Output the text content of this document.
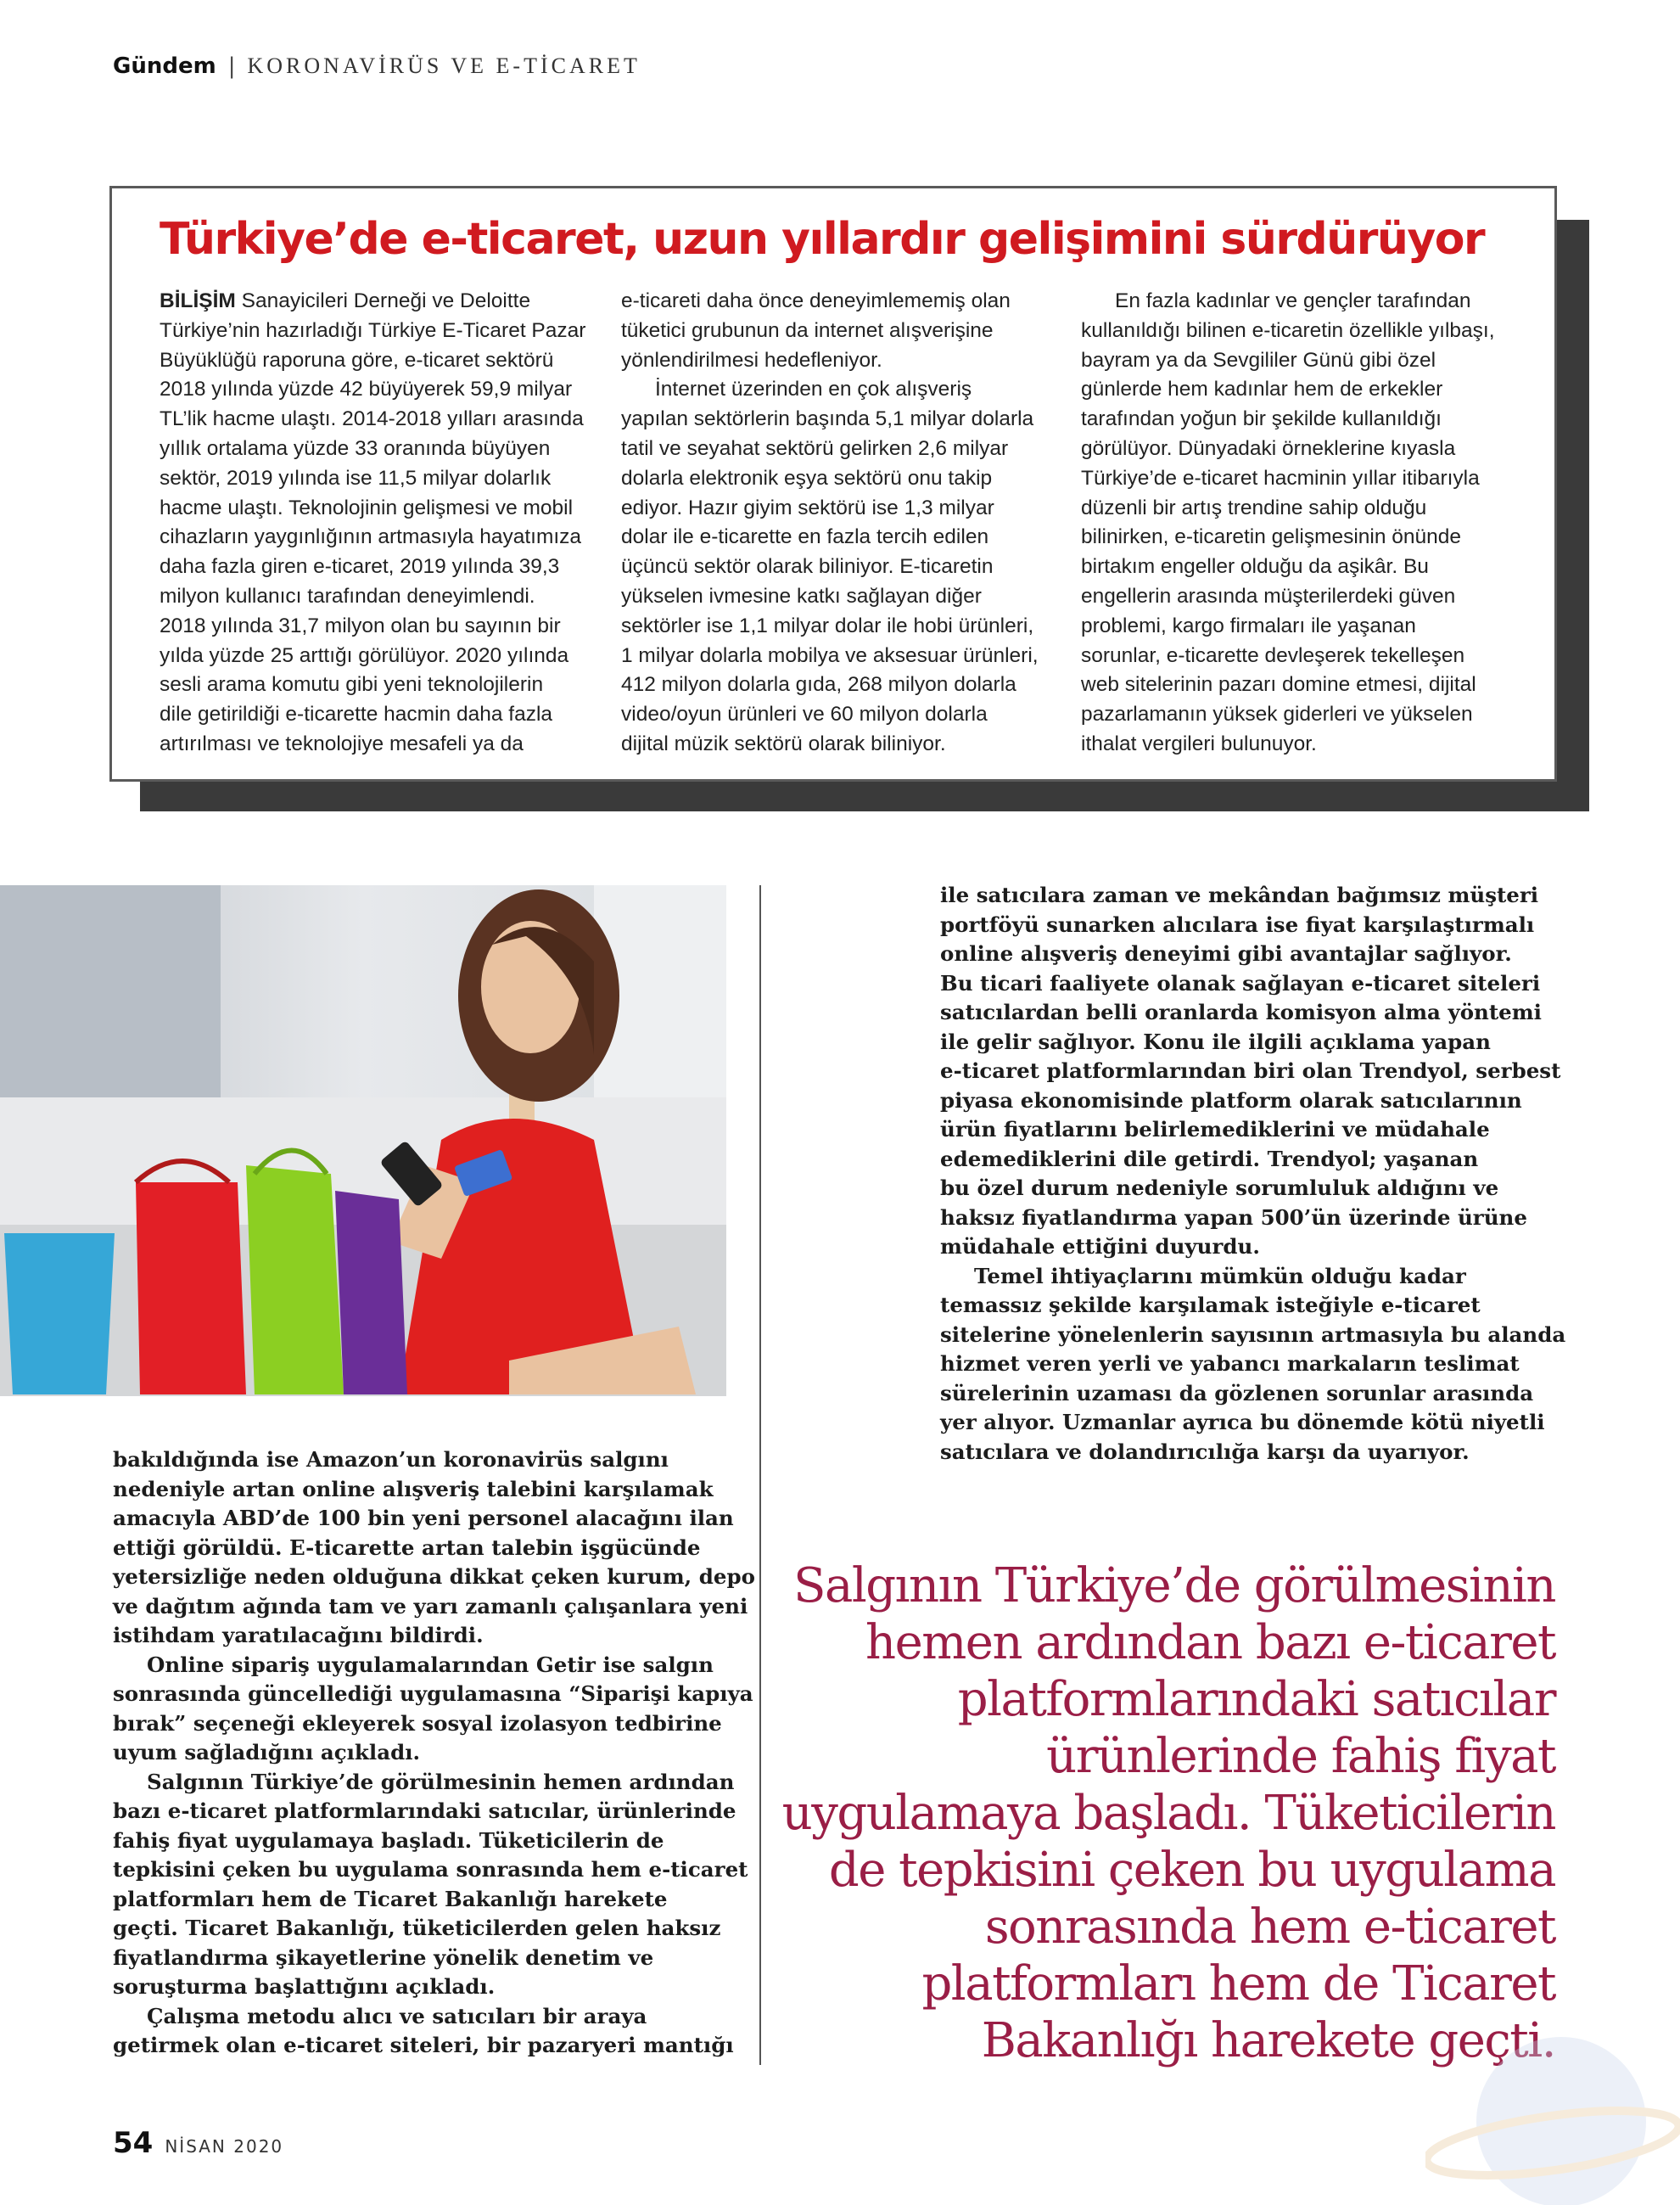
Gündem | KORONAVİRÜS VE E-TİCARET
Türkiye’de e-ticaret, uzun yıllardır gelişimini sürdürüyor

BİLİŞİM Sanayicileri Derneği ve Deloitte

Türkiye’nin hazırladığı Türkiye E-Ticaret Pazar

Büyüklüğü raporuna göre, e-ticaret sektörü

2018 yılında yüzde 42 büyüyerek 59,9 milyar

TL’lik hacme ulaştı. 2014-2018 yılları arasında

yıllık ortalama yüzde 33 oranında büyüyen

sektör, 2019 yılında ise 11,5 milyar dolarlık

hacme ulaştı. Teknolojinin gelişmesi ve mobil

cihazların yaygınlığının artmasıyla hayatımıza

daha fazla giren e-ticaret, 2019 yılında 39,3

milyon kullanıcı tarafından deneyimlendi.

2018 yılında 31,7 milyon olan bu sayının bir

yılda yüzde 25 arttığı görülüyor. 2020 yılında

sesli arama komutu gibi yeni teknolojilerin

dile getirildiği e-ticarette hacmin daha fazla

artırılması ve teknolojiye mesafeli ya da

e-ticareti daha önce deneyimlememiş olan

tüketici grubunun da internet alışverişine

yönlendirilmesi hedefleniyor.

İnternet üzerinden en çok alışveriş

yapılan sektörlerin başında 5,1 milyar dolarla

tatil ve seyahat sektörü gelirken 2,6 milyar

dolarla elektronik eşya sektörü onu takip

ediyor. Hazır giyim sektörü ise 1,3 milyar

dolar ile e-ticarette en fazla tercih edilen

üçüncü sektör olarak biliniyor. E-ticaretin

yükselen ivmesine katkı sağlayan diğer

sektörler ise 1,1 milyar dolar ile hobi ürünleri,

1 milyar dolarla mobilya ve aksesuar ürünleri,

412 milyon dolarla gıda, 268 milyon dolarla

video/oyun ürünleri ve 60 milyon dolarla

dijital müzik sektörü olarak biliniyor.

En fazla kadınlar ve gençler tarafından

kullanıldığı bilinen e-ticaretin özellikle yılbaşı,

bayram ya da Sevgililer Günü gibi özel

günlerde hem kadınlar hem de erkekler

tarafından yoğun bir şekilde kullanıldığı

görülüyor. Dünyadaki örneklerine kıyasla

Türkiye’de e-ticaret hacminin yıllar itibarıyla

düzenli bir artış trendine sahip olduğu

bilinirken, e-ticaretin gelişmesinin önünde

birtakım engeller olduğu da aşikâr. Bu

engellerin arasında müşterilerdeki güven

problemi, kargo firmaları ile yaşanan

sorunlar, e-ticarette devleşerek tekelleşen

web sitelerinin pazarı domine etmesi, dijital

pazarlamanın yüksek giderleri ve yükselen

ithalat vergileri bulunuyor.

ile satıcılara zaman ve mekândan bağımsız müşteri

portföyü sunarken alıcılara ise fiyat karşılaştırmalı

online alışveriş deneyimi gibi avantajlar sağlıyor.

Bu ticari faaliyete olanak sağlayan e-ticaret siteleri

satıcılardan belli oranlarda komisyon alma yöntemi

ile gelir sağlıyor. Konu ile ilgili açıklama yapan

e-ticaret platformlarından biri olan Trendyol, serbest

piyasa ekonomisinde platform olarak satıcılarının

ürün fiyatlarını belirlemediklerini ve müdahale

edemediklerini dile getirdi. Trendyol; yaşanan

bu özel durum nedeniyle sorumluluk aldığını ve

haksız fiyatlandırma yapan 500’ün üzerinde ürüne

müdahale ettiğini duyurdu.

Temel ihtiyaçlarını mümkün olduğu kadar

temassız şekilde karşılamak isteğiyle e-ticaret

sitelerine yönelenlerin sayısının artmasıyla bu alanda

hizmet veren yerli ve yabancı markaların teslimat

sürelerinin uzaması da gözlenen sorunlar arasında

yer alıyor. Uzmanlar ayrıca bu dönemde kötü niyetli

satıcılara ve dolandırıcılığa karşı da uyarıyor.

bakıldığında ise Amazon’un koronavirüs salgını

nedeniyle artan online alışveriş talebini karşılamak

amacıyla ABD’de 100 bin yeni personel alacağını ilan

ettiği görüldü. E-ticarette artan talebin işgücünde

yetersizliğe neden olduğuna dikkat çeken kurum, depo

ve dağıtım ağında tam ve yarı zamanlı çalışanlara yeni

istihdam yaratılacağını bildirdi.

Online sipariş uygulamalarından Getir ise salgın

sonrasında güncellediği uygulamasına “Siparişi kapıya

bırak” seçeneği ekleyerek sosyal izolasyon tedbirine

uyum sağladığını açıkladı.

Salgının Türkiye’de görülmesinin hemen ardından

bazı e-ticaret platformlarındaki satıcılar, ürünlerinde

fahiş fiyat uygulamaya başladı. Tüketicilerin de

tepkisini çeken bu uygulama sonrasında hem e-ticaret

platformları hem de Ticaret Bakanlığı harekete

geçti. Ticaret Bakanlığı, tüketicilerden gelen haksız

fiyatlandırma şikayetlerine yönelik denetim ve

soruşturma başlattığını açıkladı.

Çalışma metodu alıcı ve satıcıları bir araya

getirmek olan e-ticaret siteleri, bir pazaryeri mantığı

Salgının Türkiye’de görülmesinin

hemen ardından bazı e-ticaret

platformlarındaki satıcılar

ürünlerinde fahiş fiyat

uygulamaya başladı. Tüketicilerin

de tepkisini çeken bu uygulama

sonrasında hem e-ticaret

platformları hem de Ticaret

Bakanlığı harekete geçti.

54 NİSAN 2020
